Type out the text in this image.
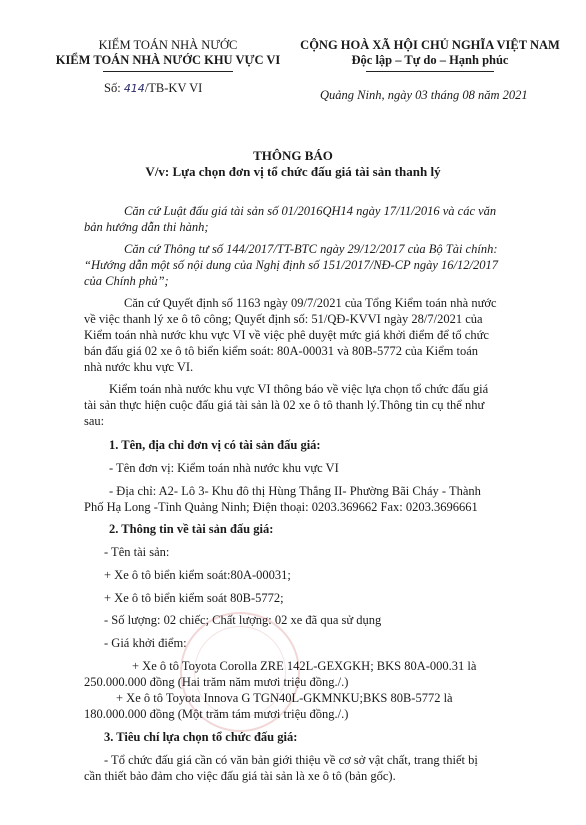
KIỂM TOÁN NHÀ NƯỚC
KIỂM TOÁN NHÀ NƯỚC KHU VỰC VI
Số: 414/TB-KV VI
CỘNG HOÀ XÃ HỘI CHỦ NGHĨA VIỆT NAM
Độc lập – Tự do – Hạnh phúc
Quảng Ninh, ngày 03 tháng 08 năm 2021
THÔNG BÁO
V/v: Lựa chọn đơn vị tổ chức đấu giá tài sản thanh lý
Căn cứ Luật đấu giá tài sản số 01/2016QH14 ngày 17/11/2016 và các văn
bản hướng dẫn thi hành;
Căn cứ Thông tư số 144/2017/TT-BTC ngày 29/12/2017 của Bộ Tài chính:
“Hướng dẫn một số nội dung của Nghị định số 151/2017/NĐ-CP ngày 16/12/2017
của Chính phủ”;
Căn cứ Quyết định số 1163 ngày 09/7/2021 của Tổng Kiểm toán nhà nước
về việc thanh lý xe ô tô công; Quyết định số: 51/QĐ-KVVI ngày 28/7/2021 của
Kiểm toán nhà nước khu vực VI về việc phê duyệt mức giá khởi điểm để tổ chức
bán đấu giá 02 xe ô tô biển kiểm soát: 80A-00031 và 80B-5772 của Kiểm toán
nhà nước khu vực VI.
Kiểm toán nhà nước khu vực VI thông báo về việc lựa chọn tổ chức đấu giá
tài sản thực hiện cuộc đấu giá tài sản là 02 xe ô tô thanh lý.Thông tin cụ thể như
sau:
1. Tên, địa chỉ đơn vị có tài sản đấu giá:
- Tên đơn vị: Kiểm toán nhà nước khu vực VI
- Địa chỉ: A2- Lô 3- Khu đô thị Hùng Thắng II- Phường Bãi Cháy - Thành
Phố Hạ Long -Tỉnh Quảng Ninh; Điện thoại: 0203.369662 Fax: 0203.3696661
2. Thông tin về tài sản đấu giá:
- Tên tài sản:
+ Xe ô tô biển kiểm soát:80A-00031;
+ Xe ô tô biển kiểm soát 80B-5772;
- Số lượng: 02 chiếc; Chất lượng: 02 xe đã qua sử dụng
- Giá khởi điểm:
+ Xe ô tô Toyota Corolla ZRE 142L-GEXGKH; BKS 80A-000.31 là
250.000.000 đồng (Hai trăm năm mươi triệu đồng./.)
+ Xe ô tô Toyota Innova G TGN40L-GKMNKU;BKS 80B-5772 là
180.000.000 đồng (Một trăm tám mươi triệu đồng./.)
3. Tiêu chí lựa chọn tổ chức đấu giá:
- Tổ chức đấu giá cần có văn bản giới thiệu về cơ sở vật chất, trang thiết bị
cần thiết bảo đảm cho việc đấu giá tài sản là xe ô tô (bản gốc).
